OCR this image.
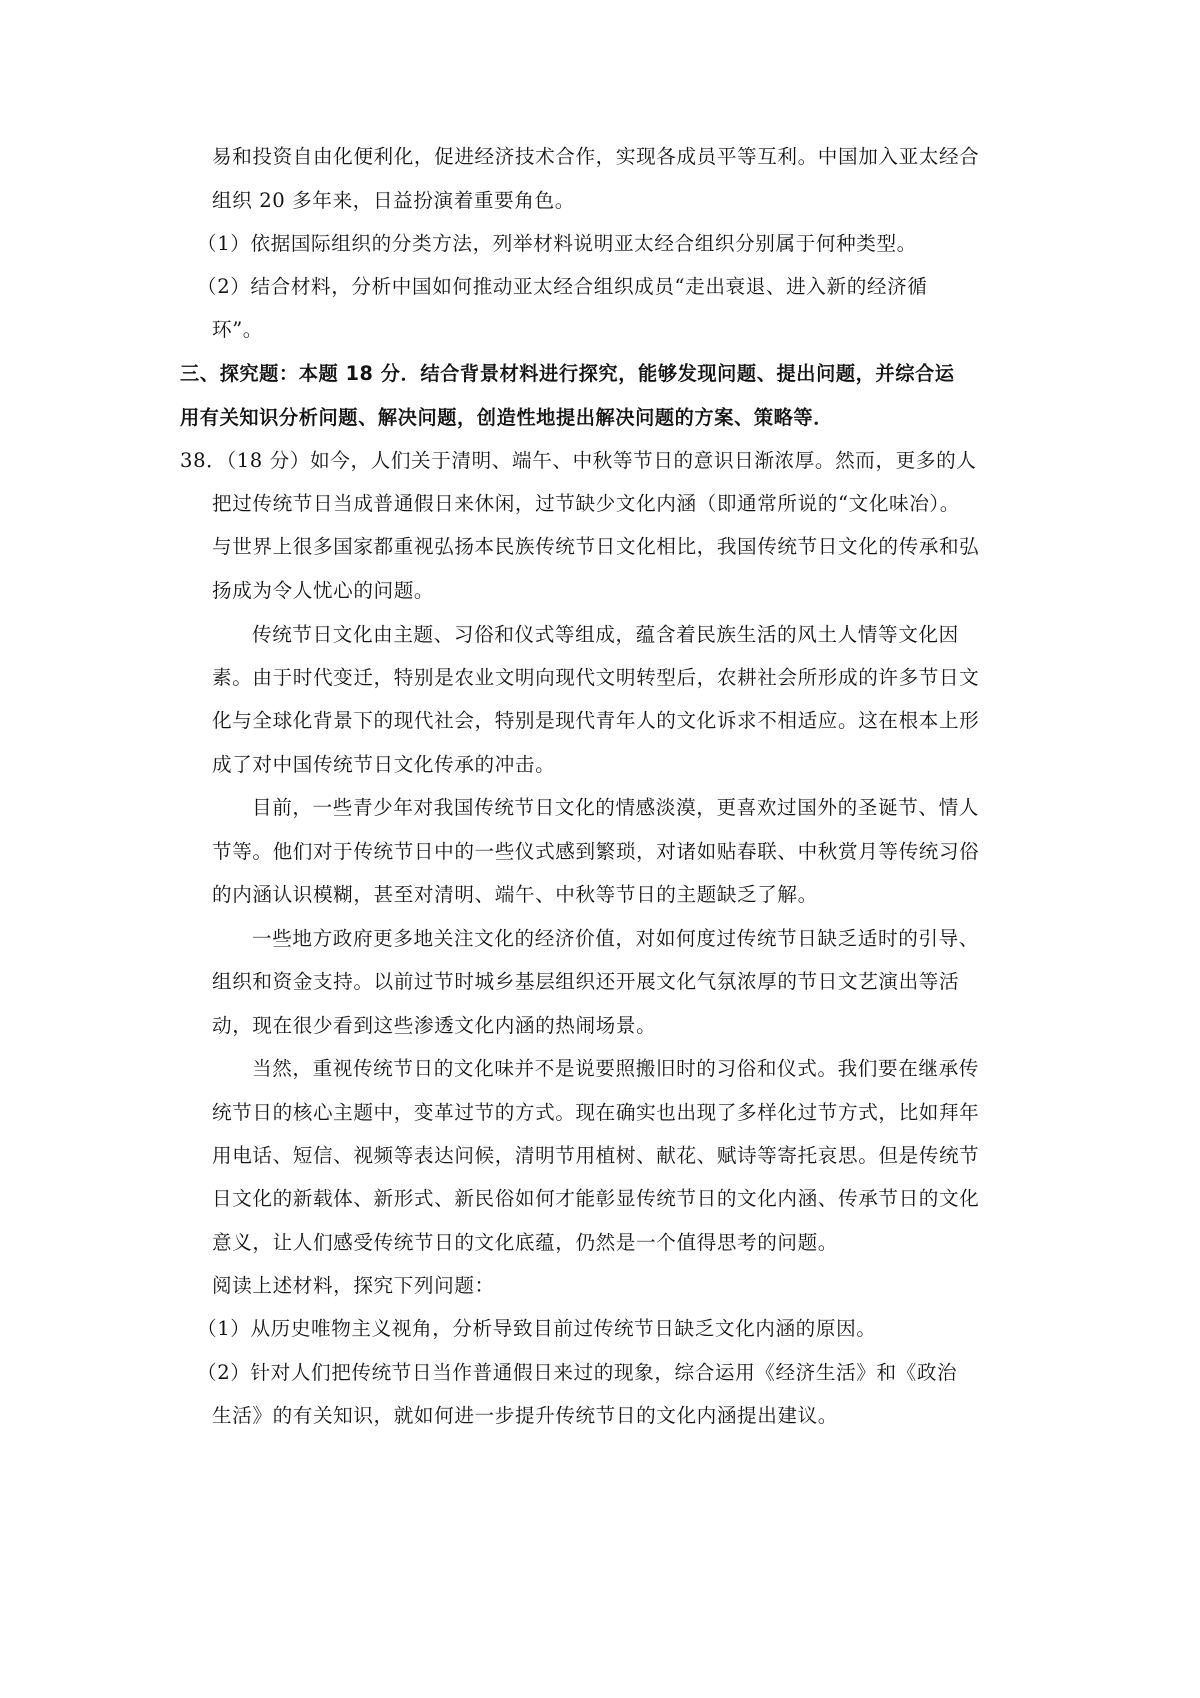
易和投资自由化便利化，促进经济技术合作，实现各成员平等互利。中国加入亚太经合
组织 20 多年来，日益扮演着重要角色。
（1）依据国际组织的分类方法，列举材料说明亚太经合组织分别属于何种类型。
（2）结合材料，分析中国如何推动亚太经合组织成员“走出衰退、进入新的经济循
环”。
三、探究题：本题 18 分．结合背景材料进行探究，能够发现问题、提出问题，并综合运
用有关知识分析问题、解决问题，创造性地提出解决问题的方案、策略等．
38．（18 分）如今，人们关于清明、端午、中秋等节日的意识日渐浓厚。然而，更多的人
把过传统节日当成普通假日来休闲，过节缺少文化内涵（即通常所说的“文化味冶）。
与世界上很多国家都重视弘扬本民族传统节日文化相比，我国传统节日文化的传承和弘
扬成为令人忧心的问题。
传统节日文化由主题、习俗和仪式等组成，蕴含着民族生活的风土人情等文化因
素。由于时代变迁，特别是农业文明向现代文明转型后，农耕社会所形成的许多节日文
化与全球化背景下的现代社会，特别是现代青年人的文化诉求不相适应。这在根本上形
成了对中国传统节日文化传承的冲击。
目前，一些青少年对我国传统节日文化的情感淡漠，更喜欢过国外的圣诞节、情人
节等。他们对于传统节日中的一些仪式感到繁琐，对诸如贴春联、中秋赏月等传统习俗
的内涵认识模糊，甚至对清明、端午、中秋等节日的主题缺乏了解。
一些地方政府更多地关注文化的经济价值，对如何度过传统节日缺乏适时的引导、
组织和资金支持。以前过节时城乡基层组织还开展文化气氛浓厚的节日文艺演出等活
动，现在很少看到这些渗透文化内涵的热闹场景。
当然，重视传统节日的文化味并不是说要照搬旧时的习俗和仪式。我们要在继承传
统节日的核心主题中，变革过节的方式。现在确实也出现了多样化过节方式，比如拜年
用电话、短信、视频等表达问候，清明节用植树、献花、赋诗等寄托哀思。但是传统节
日文化的新载体、新形式、新民俗如何才能彰显传统节日的文化内涵、传承节日的文化
意义，让人们感受传统节日的文化底蕴，仍然是一个值得思考的问题。
阅读上述材料，探究下列问题：
（1）从历史唯物主义视角，分析导致目前过传统节日缺乏文化内涵的原因。
（2）针对人们把传统节日当作普通假日来过的现象，综合运用《经济生活》和《政治
生活》的有关知识，就如何进一步提升传统节日的文化内涵提出建议。
